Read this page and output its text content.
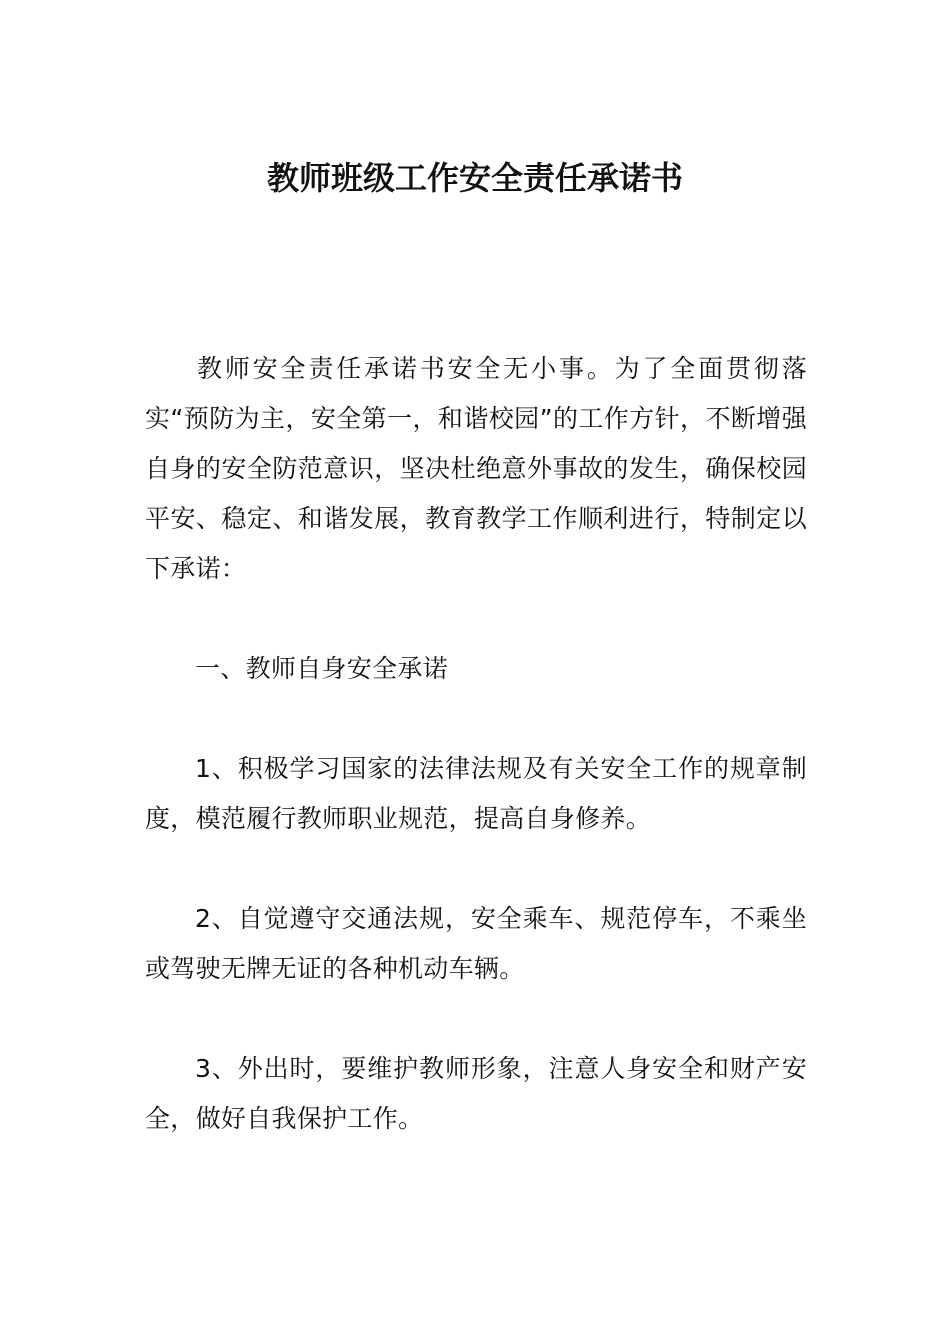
教师班级工作安全责任承诺书

教师安全责任承诺书安全无小事。为了全面贯彻落实“预防为主，安全第一，和谐校园”的工作方针，不断增强自身的安全防范意识，坚决杜绝意外事故的发生，确保校园平安、稳定、和谐发展，教育教学工作顺利进行，特制定以下承诺：

一、教师自身安全承诺

1、积极学习国家的法律法规及有关安全工作的规章制度，模范履行教师职业规范，提高自身修养。

2、自觉遵守交通法规，安全乘车、规范停车，不乘坐或驾驶无牌无证的各种机动车辆。

3、外出时，要维护教师形象，注意人身安全和财产安全，做好自我保护工作。
